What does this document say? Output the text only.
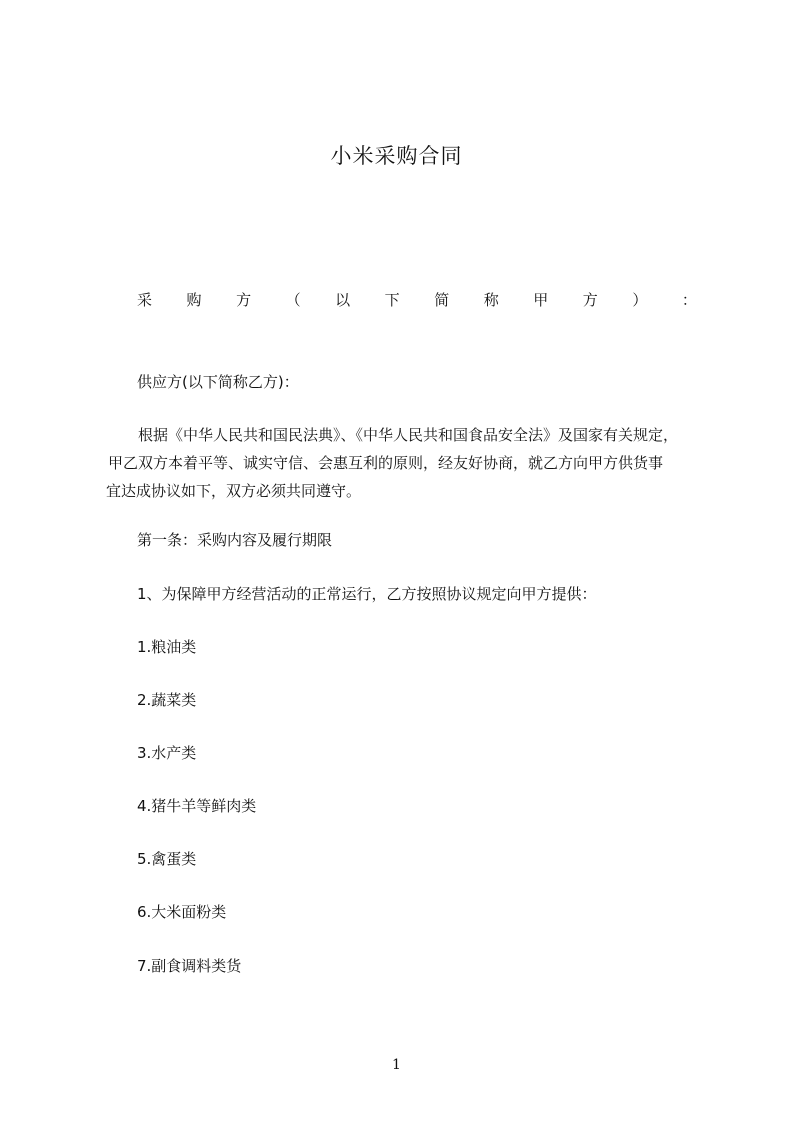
小米采购合同
采 购 方 （ 以 下 简 称 甲 方 ） ：
供应方(以下简称乙方)：
根据《中华人民共和国民法典》、《中华人民共和国食品安全法》及国家有关规定，
甲乙双方本着平等、诚实守信、会惠互利的原则，经友好协商，就乙方向甲方供货事
宜达成协议如下，双方必须共同遵守。
第一条：采购内容及履行期限
1、为保障甲方经营活动的正常运行，乙方按照协议规定向甲方提供：
1.粮油类
2.蔬菜类
3.水产类
4.猪牛羊等鲜肉类
5.禽蛋类
6.大米面粉类
7.副食调料类货
1
